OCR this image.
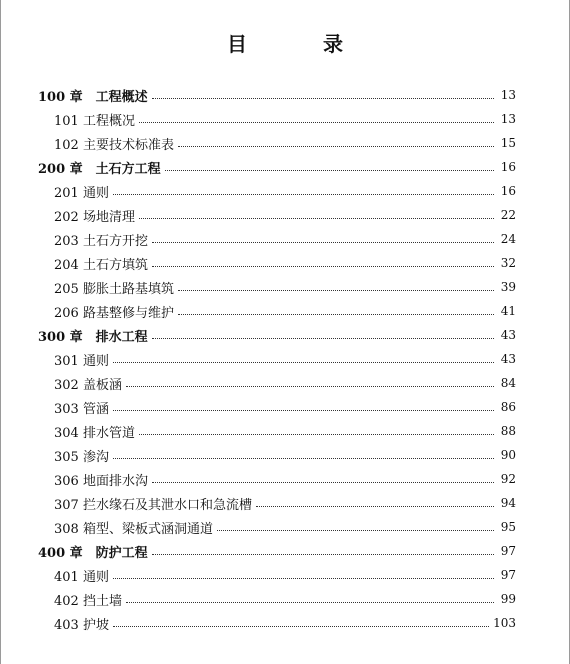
目　录
100 章　工程概述	13
101 工程概况	13
102 主要技术标准表	15
200 章　土石方工程	16
201 通则	16
202 场地清理	22
203 土石方开挖	24
204 土石方填筑	32
205 膨胀土路基填筑	39
206 路基整修与维护	41
300 章　排水工程	43
301 通则	43
302 盖板涵	84
303 管涵	86
304 排水管道	88
305 渗沟	90
306 地面排水沟	92
307 拦水缘石及其泄水口和急流槽	94
308 箱型、梁板式涵洞通道	95
400 章　防护工程	97
401 通则	97
402 挡土墙	99
403 护坡	103
